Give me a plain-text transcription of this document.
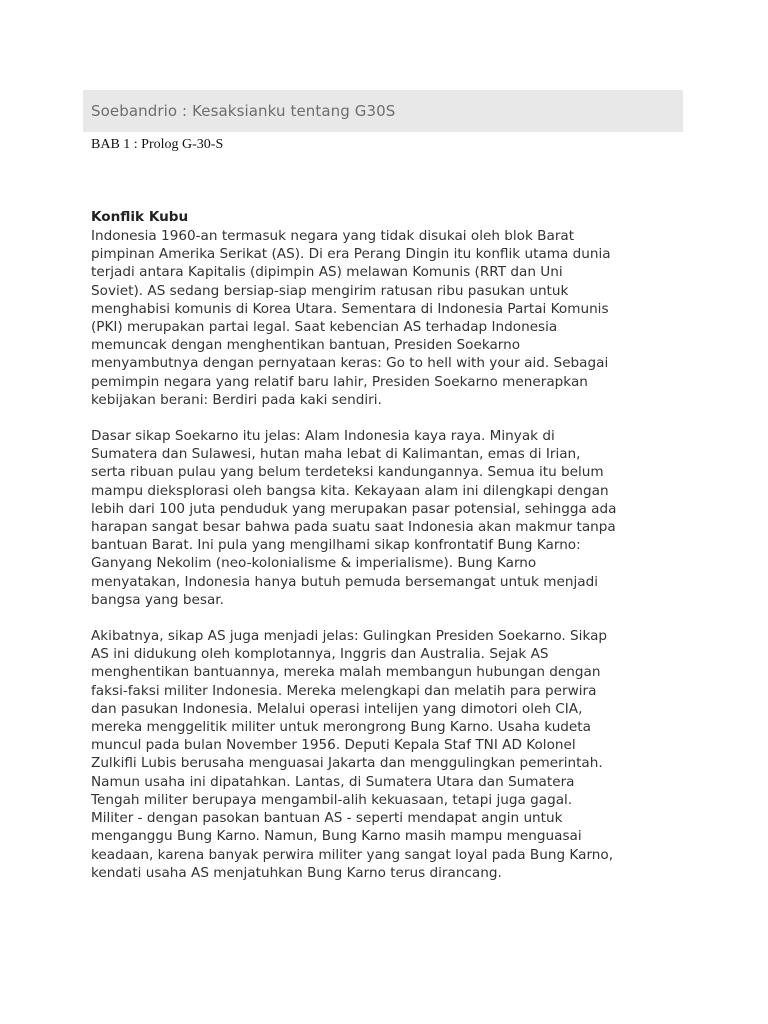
Soebandrio : Kesaksianku tentang G30S
BAB 1 : Prolog G-30-S
Konflik Kubu
Indonesia 1960-an termasuk negara yang tidak disukai oleh blok Barat
pimpinan Amerika Serikat (AS). Di era Perang Dingin itu konflik utama dunia
terjadi antara Kapitalis (dipimpin AS) melawan Komunis (RRT dan Uni
Soviet). AS sedang bersiap-siap mengirim ratusan ribu pasukan untuk
menghabisi komunis di Korea Utara. Sementara di Indonesia Partai Komunis
(PKI) merupakan partai legal. Saat kebencian AS terhadap Indonesia
memuncak dengan menghentikan bantuan, Presiden Soekarno
menyambutnya dengan pernyataan keras: Go to hell with your aid. Sebagai
pemimpin negara yang relatif baru lahir, Presiden Soekarno menerapkan
kebijakan berani: Berdiri pada kaki sendiri.
Dasar sikap Soekarno itu jelas: Alam Indonesia kaya raya. Minyak di
Sumatera dan Sulawesi, hutan maha lebat di Kalimantan, emas di Irian,
serta ribuan pulau yang belum terdeteksi kandungannya. Semua itu belum
mampu dieksplorasi oleh bangsa kita. Kekayaan alam ini dilengkapi dengan
lebih dari 100 juta penduduk yang merupakan pasar potensial, sehingga ada
harapan sangat besar bahwa pada suatu saat Indonesia akan makmur tanpa
bantuan Barat. Ini pula yang mengilhami sikap konfrontatif Bung Karno:
Ganyang Nekolim (neo-kolonialisme & imperialisme). Bung Karno
menyatakan, Indonesia hanya butuh pemuda bersemangat untuk menjadi
bangsa yang besar.
Akibatnya, sikap AS juga menjadi jelas: Gulingkan Presiden Soekarno. Sikap
AS ini didukung oleh komplotannya, Inggris dan Australia. Sejak AS
menghentikan bantuannya, mereka malah membangun hubungan dengan
faksi-faksi militer Indonesia. Mereka melengkapi dan melatih para perwira
dan pasukan Indonesia. Melalui operasi intelijen yang dimotori oleh CIA,
mereka menggelitik militer untuk merongrong Bung Karno. Usaha kudeta
muncul pada bulan November 1956. Deputi Kepala Staf TNI AD Kolonel
Zulkifli Lubis berusaha menguasai Jakarta dan menggulingkan pemerintah.
Namun usaha ini dipatahkan. Lantas, di Sumatera Utara dan Sumatera
Tengah militer berupaya mengambil-alih kekuasaan, tetapi juga gagal.
Militer - dengan pasokan bantuan AS - seperti mendapat angin untuk
menganggu Bung Karno. Namun, Bung Karno masih mampu menguasai
keadaan, karena banyak perwira militer yang sangat loyal pada Bung Karno,
kendati usaha AS menjatuhkan Bung Karno terus dirancang.
